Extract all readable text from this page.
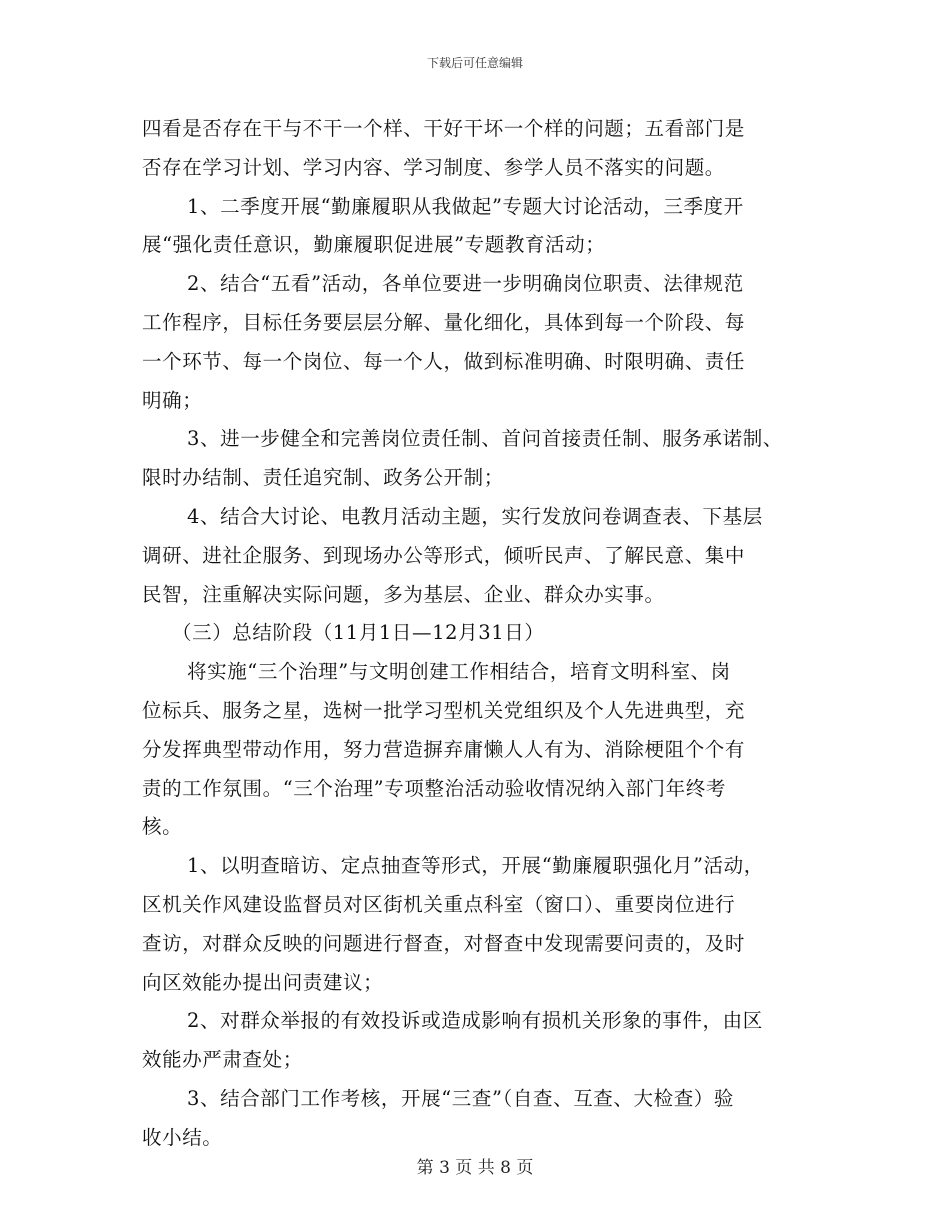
下载后可任意编辑
四看是否存在干与不干一个样、干好干坏一个样的问题；五看部门是
否存在学习计划、学习内容、学习制度、参学人员不落实的问题。
1、二季度开展“勤廉履职从我做起”专题大讨论活动，三季度开
展“强化责任意识，勤廉履职促进展”专题教育活动；
2、结合“五看”活动，各单位要进一步明确岗位职责、法律规范
工作程序，目标任务要层层分解、量化细化，具体到每一个阶段、每
一个环节、每一个岗位、每一个人，做到标准明确、时限明确、责任
明确；
3、进一步健全和完善岗位责任制、首问首接责任制、服务承诺制、
限时办结制、责任追究制、政务公开制；
4、结合大讨论、电教月活动主题，实行发放问卷调查表、下基层
调研、进社企服务、到现场办公等形式，倾听民声、了解民意、集中
民智，注重解决实际问题，多为基层、企业、群众办实事。
（三）总结阶段（11月1日—12月31日）
将实施“三个治理”与文明创建工作相结合，培育文明科室、岗
位标兵、服务之星，选树一批学习型机关党组织及个人先进典型，充
分发挥典型带动作用，努力营造摒弃庸懒人人有为、消除梗阻个个有
责的工作氛围。“三个治理”专项整治活动验收情况纳入部门年终考
核。
1、以明查暗访、定点抽查等形式，开展“勤廉履职强化月”活动，
区机关作风建设监督员对区街机关重点科室（窗口）、重要岗位进行
查访，对群众反映的问题进行督查，对督查中发现需要问责的，及时
向区效能办提出问责建议；
2、对群众举报的有效投诉或造成影响有损机关形象的事件，由区
效能办严肃查处；
3、结合部门工作考核，开展“三查”（自查、互查、大检查）验
收小结。
第 3 页 共 8 页
